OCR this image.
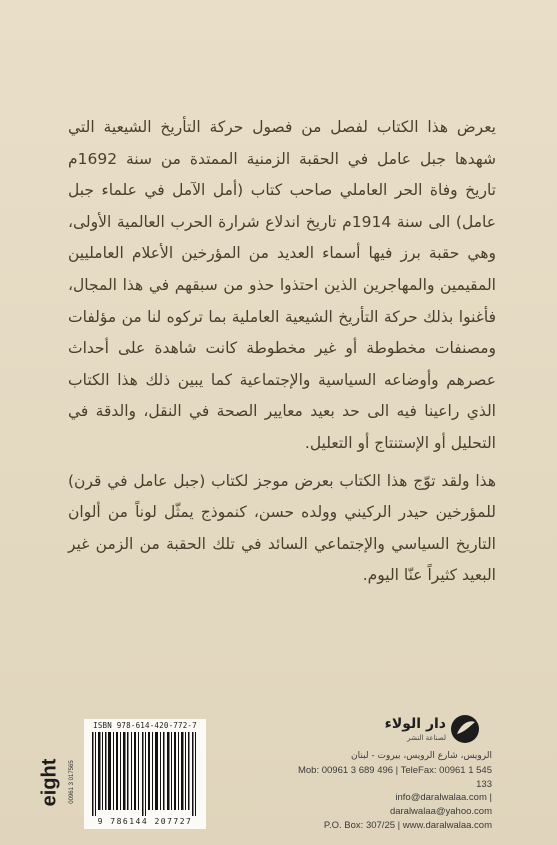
يعرض هذا الكتاب لفصل من فصول حركة التأريخ الشيعية التي شهدها جبل عامل في الحقبة الزمنية الممتدة من سنة 1692م تاريخ وفاة الحر العاملي صاحب كتاب (أمل الآمل في علماء جبل عامل) الى سنة 1914م تاريخ اندلاع شرارة الحرب العالمية الأولى، وهي حقبة برز فيها أسماء العديد من المؤرخين الأعلام العامليين المقيمين والمهاجرين الذين احتذوا حذو من سبقهم في هذا المجال، فأغنوا بذلك حركة التأريخ الشيعية العاملية بما تركوه لنا من مؤلفات ومصنفات مخطوطة أو غير مخطوطة كانت شاهدة على أحداث عصرهم وأوضاعه السياسية والإجتماعية كما يبين ذلك هذا الكتاب الذي راعينا فيه الى حد بعيد معايير الصحة في النقل، والدقة في التحليل أو الإستنتاج أو التعليل.

هذا ولقد توّج هذا الكتاب بعرض موجز لكتاب (جبل عامل في قرن) للمؤرخين حيدر الركيني وولده حسن، كنموذج يمثّل لوناً من ألوان التاريخ السياسي والإجتماعي السائد في تلك الحقبة من الزمن غير البعيد كثيراً عنّا اليوم.

ISBN 978-614-420-772-7
9 786144 207727
eight 00961 3 017565
دار الولاء
لصناعة النشر
الرويس، شارع الرويس، بيروت - لبنان
Mob: 00961 3 689 496 | TeleFax: 00961 1 545 133
info@daralwalaa.com | daralwalaa@yahoo.com
P.O. Box: 307/25 | www.daralwalaa.com
